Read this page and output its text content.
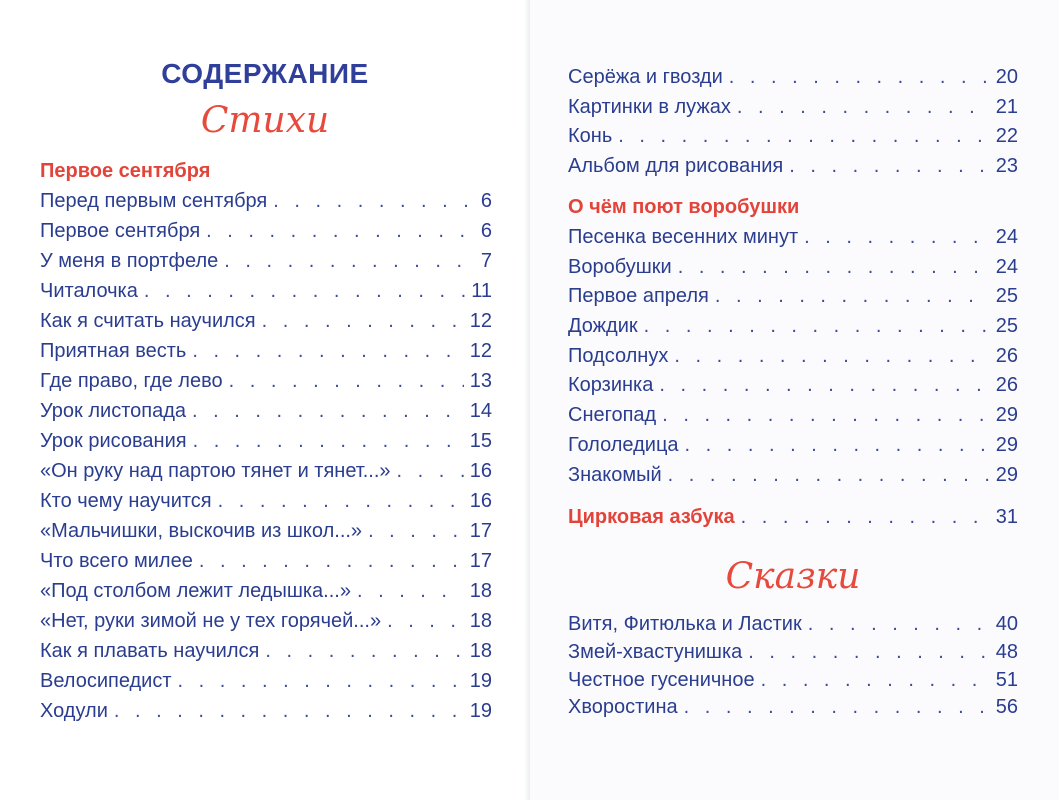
СОДЕРЖАНИЕ
Стихи
Первое сентября
Перед первым сентября . . .	6
Первое сентября . . .	6
У меня в портфеле . . .	7
Читалочка . . .	11
Как я считать научился . . .	12
Приятная весть . . .	12
Где право, где лево . . .	13
Урок листопада . . .	14
Урок рисования . . .	15
«Он руку над партою тянет и тянет...» . . .	16
Кто чему научится . . .	16
«Мальчишки, выскочив из школ...» . . .	17
Что всего милее . . .	17
«Под столбом лежит ледышка...» . . .	18
«Нет, руки зимой не у тех горячей...» . . .	18
Как я плавать научился . . .	18
Велосипедист . . .	19
Ходули . . .	19
Серёжа и гвозди . . .	20
Картинки в лужах . . .	21
Конь . . .	22
Альбом для рисования . . .	23
О чём поют воробушки
Песенка весенних минут . . .	24
Воробушки . . .	24
Первое апреля . . .	25
Дождик . . .	25
Подсолнух . . .	26
Корзинка . . .	26
Снегопад . . .	29
Гололедица . . .	29
Знакомый . . .	29
Цирковая азбука . . .	31
Сказки
Витя, Фитюлька и Ластик . . .	40
Змей-хвастунишка . . .	48
Честное гусеничное . . .	51
Хворостина . . .	56
